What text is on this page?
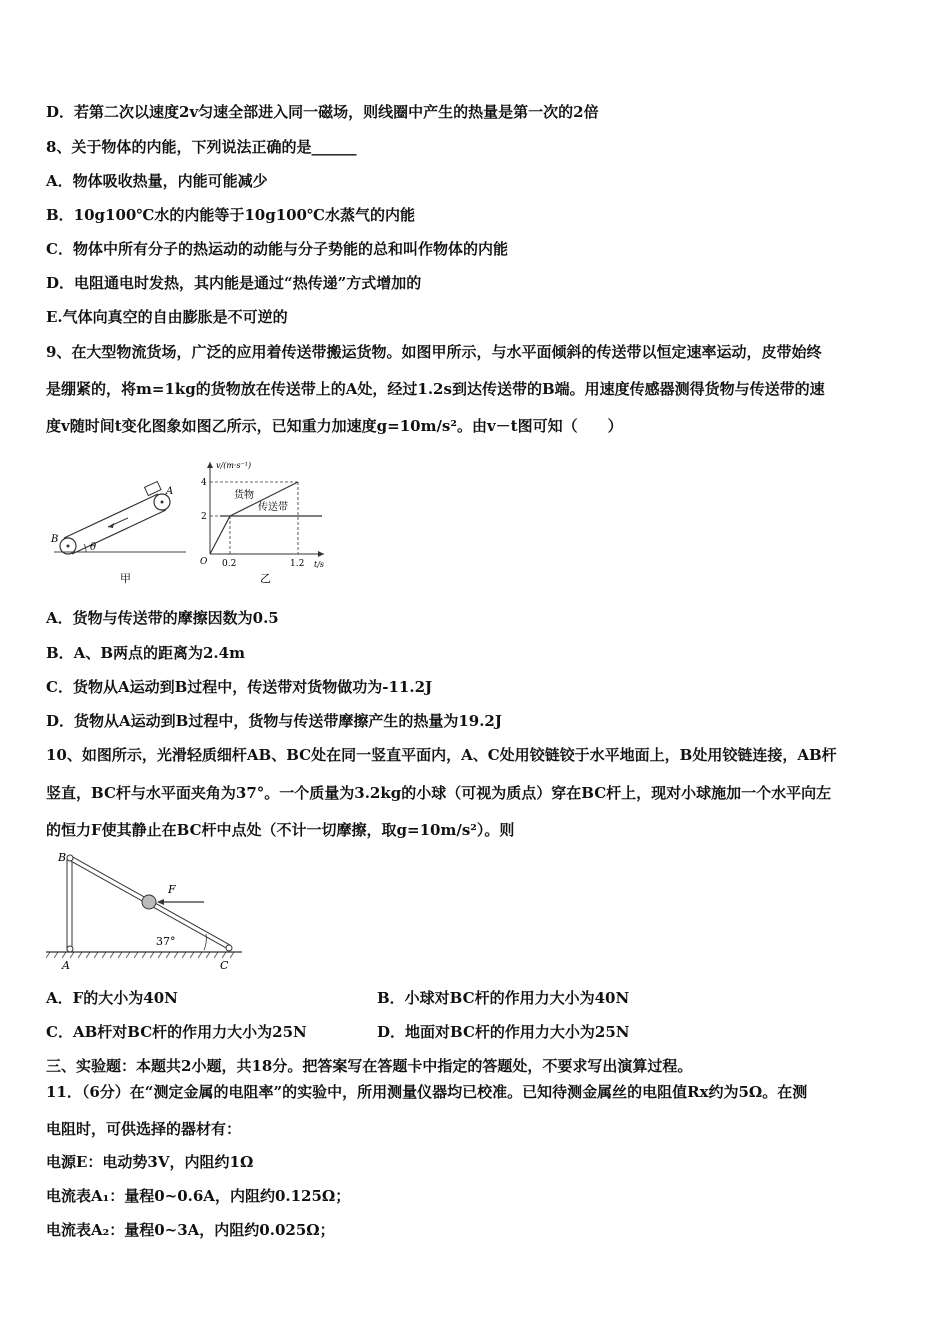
D．若第二次以速度2v匀速全部进入同一磁场，则线圈中产生的热量是第一次的2倍
8、关于物体的内能，下列说法正确的是______
A．物体吸收热量，内能可能减少
B．10g100℃水的内能等于10g100℃水蒸气的内能
C．物体中所有分子的热运动的动能与分子势能的总和叫作物体的内能
D．电阻通电时发热，其内能是通过“热传递”方式增加的
E.气体向真空的自由膨胀是不可逆的
9、在大型物流货场，广泛的应用着传送带搬运货物。如图甲所示，与水平面倾斜的传送带以恒定速率运动，皮带始终
是绷紧的，将m=1kg的货物放在传送带上的A处，经过1.2s到达传送带的B端。用速度传感器测得货物与传送带的速
度v随时间t变化图象如图乙所示，已知重力加速度g=10m/s²。由v－t图可知（　　）
θ
A
B
甲
v/(m·s⁻¹)
t/s
4
2
O 0.2	1.2
货物
传送带
乙
A．货物与传送带的摩擦因数为0.5
B．A、B两点的距离为2.4m
C．货物从A运动到B过程中，传送带对货物做功为-11.2J
D．货物从A运动到B过程中，货物与传送带摩擦产生的热量为19.2J
10、如图所示，光滑轻质细杆AB、BC处在同一竖直平面内，A、C处用铰链铰于水平地面上，B处用铰链连接，AB杆
竖直，BC杆与水平面夹角为37°。一个质量为3.2kg的小球（可视为质点）穿在BC杆上，现对小球施加一个水平向左
的恒力F使其静止在BC杆中点处（不计一切摩擦，取g=10m/s²）。则
B
A	C
F
37°
A．F的大小为40N	B．小球对BC杆的作用力大小为40N
C．AB杆对BC杆的作用力大小为25N	D．地面对BC杆的作用力大小为25N
三、实验题：本题共2小题，共18分。把答案写在答题卡中指定的答题处，不要求写出演算过程。
11．（6分）在“测定金属的电阻率”的实验中，所用测量仪器均已校准。已知待测金属丝的电阻值Rx约为5Ω。在测
电阻时，可供选择的器材有：
电源E：电动势3V，内阻约1Ω
电流表A₁：量程0~0.6A，内阻约0.125Ω；
电流表A₂：量程0~3A，内阻约0.025Ω；
